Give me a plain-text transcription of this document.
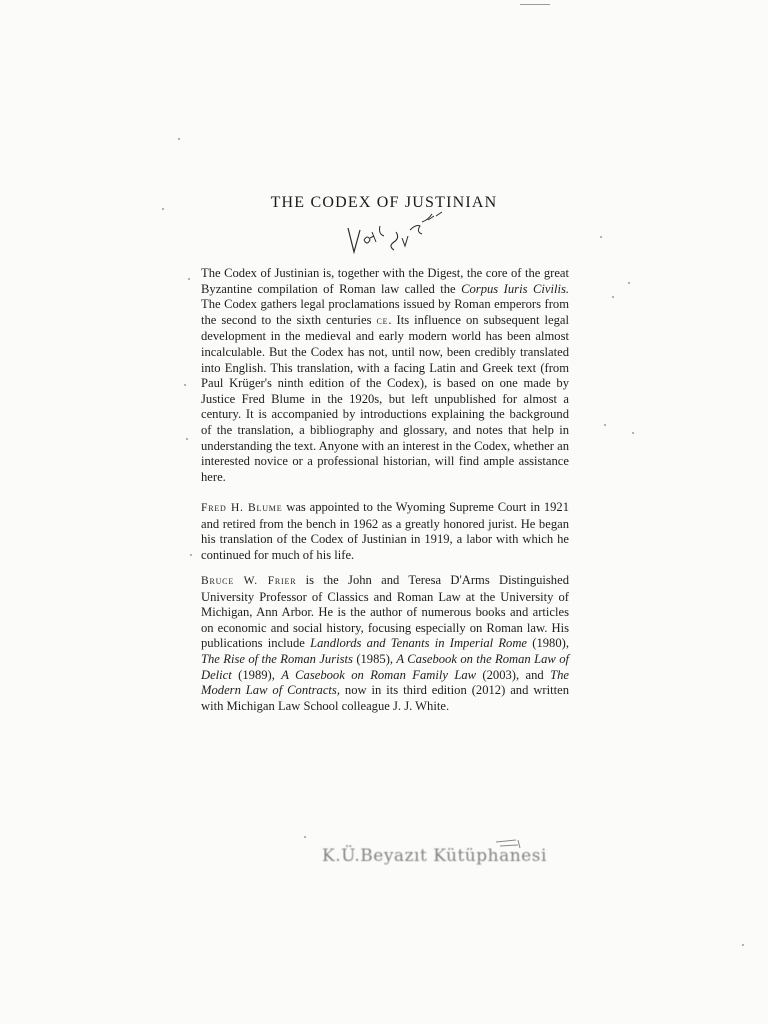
THE CODEX OF JUSTINIAN

The Codex of Justinian is, together with the Digest, the core of the great Byzantine compilation of Roman law called the Corpus Iuris Civilis. The Codex gathers legal proclamations issued by Roman emperors from the second to the sixth centuries ce. Its influence on subsequent legal development in the medieval and early modern world has been almost incalculable. But the Codex has not, until now, been credibly translated into English. This translation, with a facing Latin and Greek text (from Paul Krüger's ninth edition of the Codex), is based on one made by Justice Fred Blume in the 1920s, but left unpublished for almost a century. It is accompanied by introductions explaining the background of the translation, a bibliography and glossary, and notes that help in understanding the text. Anyone with an interest in the Codex, whether an interested novice or a professional historian, will find ample assistance here.

Fred H. Blume was appointed to the Wyoming Supreme Court in 1921 and retired from the bench in 1962 as a greatly honored jurist. He began his translation of the Codex of Justinian in 1919, a labor with which he continued for much of his life.

Bruce W. Frier is the John and Teresa D'Arms Distinguished University Professor of Classics and Roman Law at the University of Michigan, Ann Arbor. He is the author of numerous books and articles on economic and social history, focusing especially on Roman law. His publications include Landlords and Tenants in Imperial Rome (1980), The Rise of the Roman Jurists (1985), A Casebook on the Roman Law of Delict (1989), A Casebook on Roman Family Law (2003), and The Modern Law of Contracts, now in its third edition (2012) and written with Michigan Law School colleague J. J. White.

K.Ü.Beyazıt Kütüphanesi
